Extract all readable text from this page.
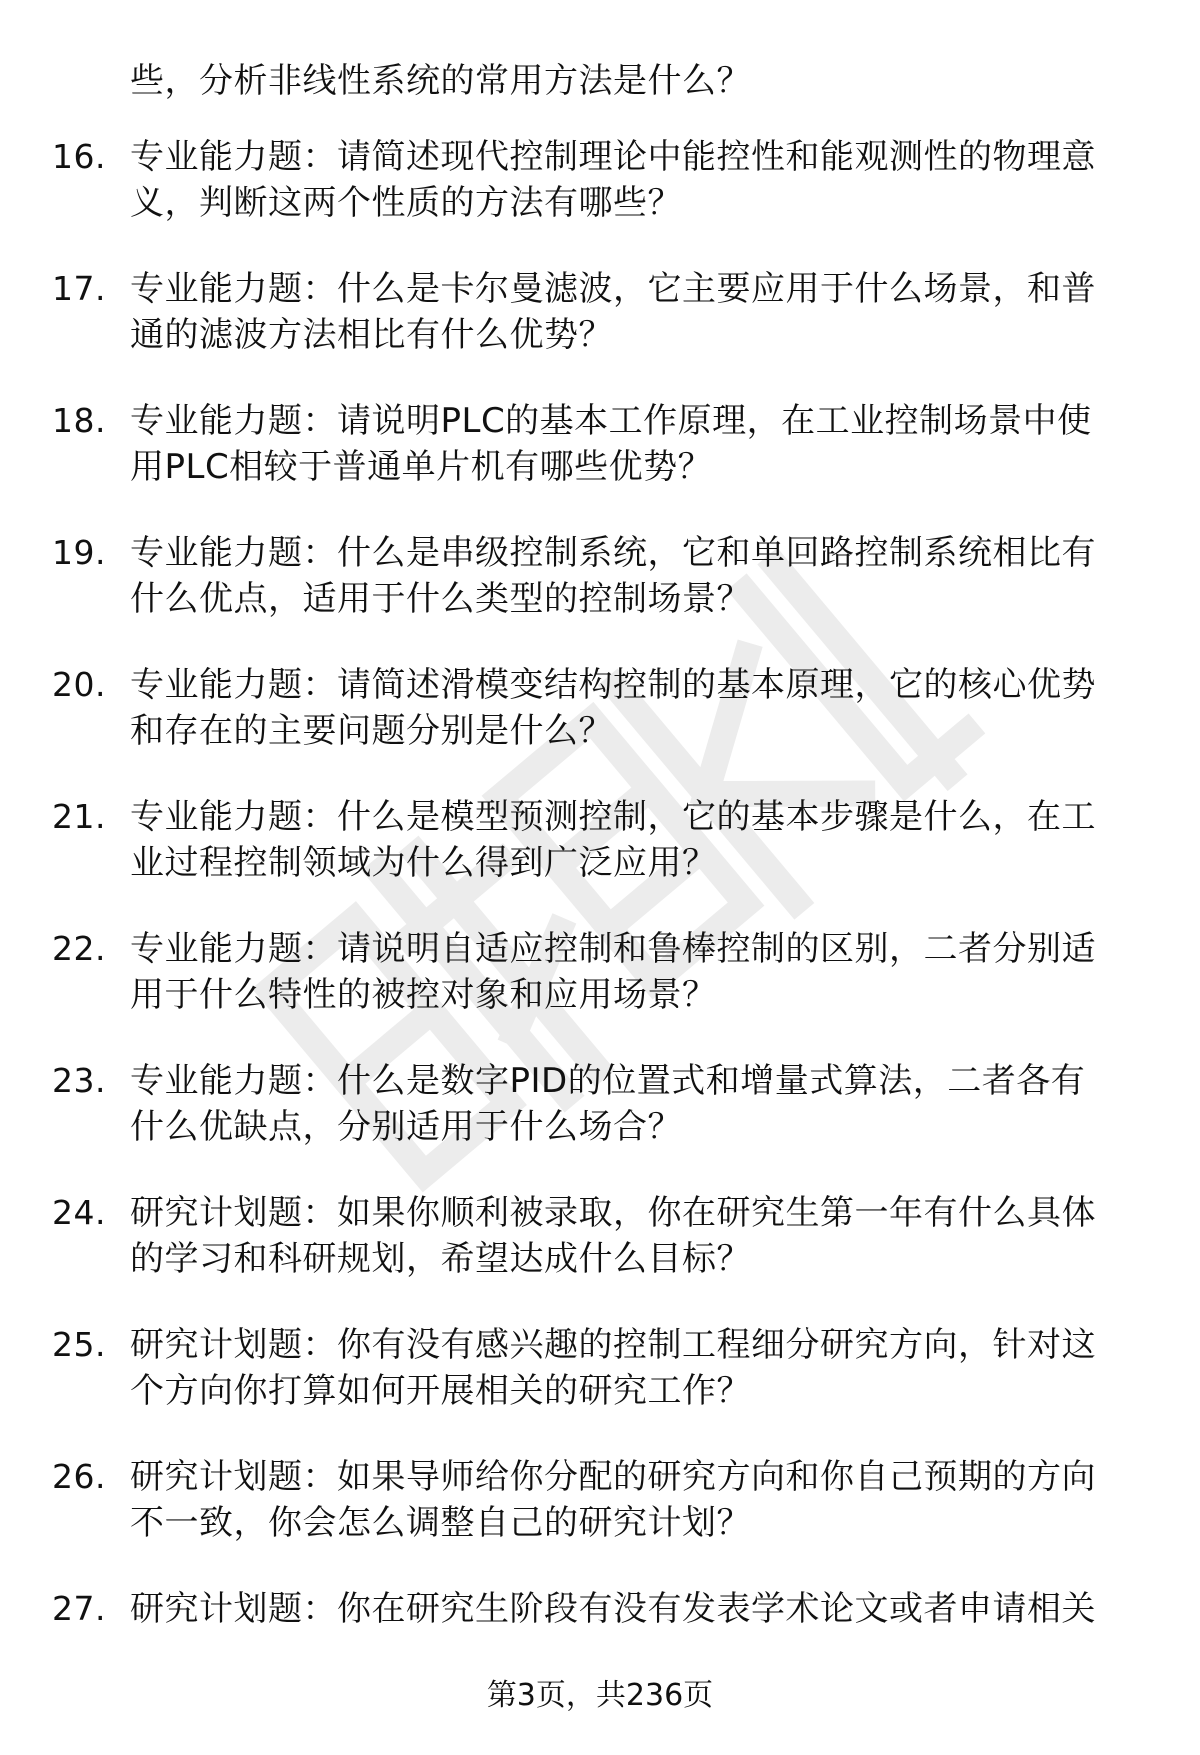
些，分析非线性系统的常用方法是什么？
16. 专业能力题：请简述现代控制理论中能控性和能观测性的物理意
义，判断这两个性质的方法有哪些？
17. 专业能力题：什么是卡尔曼滤波，它主要应用于什么场景，和普
通的滤波方法相比有什么优势？
18. 专业能力题：请说明PLC的基本工作原理，在工业控制场景中使
用PLC相较于普通单片机有哪些优势？
19. 专业能力题：什么是串级控制系统，它和单回路控制系统相比有
什么优点，适用于什么类型的控制场景？
20. 专业能力题：请简述滑模变结构控制的基本原理，它的核心优势
和存在的主要问题分别是什么？
21. 专业能力题：什么是模型预测控制，它的基本步骤是什么，在工
业过程控制领域为什么得到广泛应用？
22. 专业能力题：请说明自适应控制和鲁棒控制的区别，二者分别适
用于什么特性的被控对象和应用场景？
23. 专业能力题：什么是数字PID的位置式和增量式算法，二者各有
什么优缺点，分别适用于什么场合？
24. 研究计划题：如果你顺利被录取，你在研究生第一年有什么具体
的学习和科研规划，希望达成什么目标？
25. 研究计划题：你有没有感兴趣的控制工程细分研究方向，针对这
个方向你打算如何开展相关的研究工作？
26. 研究计划题：如果导师给你分配的研究方向和你自己预期的方向
不一致，你会怎么调整自己的研究计划？
27. 研究计划题：你在研究生阶段有没有发表学术论文或者申请相关
第3页，共236页
